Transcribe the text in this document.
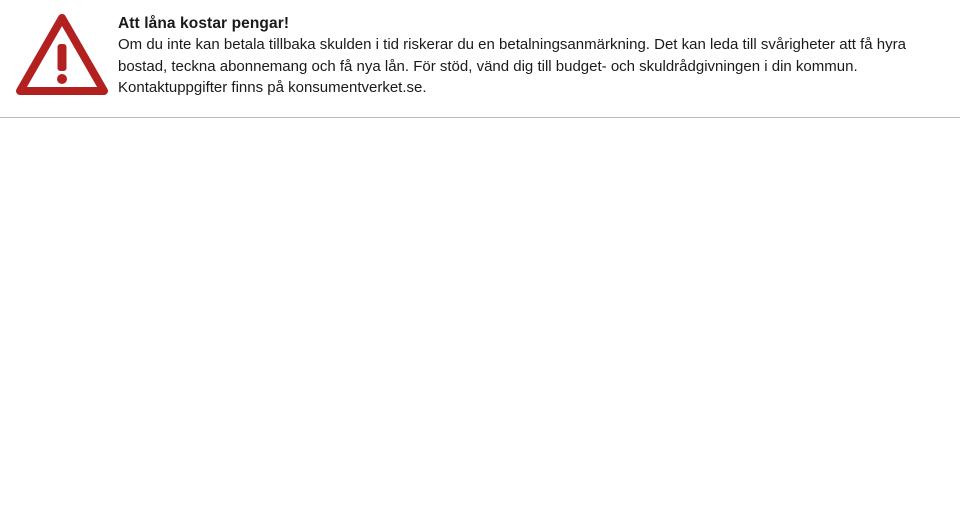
Att låna kostar pengar!

Om du inte kan betala tillbaka skulden i tid riskerar du en betalningsanmärkning. Det kan leda till svårigheter att få hyra bostad, teckna abonnemang och få nya lån. För stöd, vänd dig till budget- och skuldrådgivningen i din kommun. Kontaktuppgifter finns på konsumentverket.se.
